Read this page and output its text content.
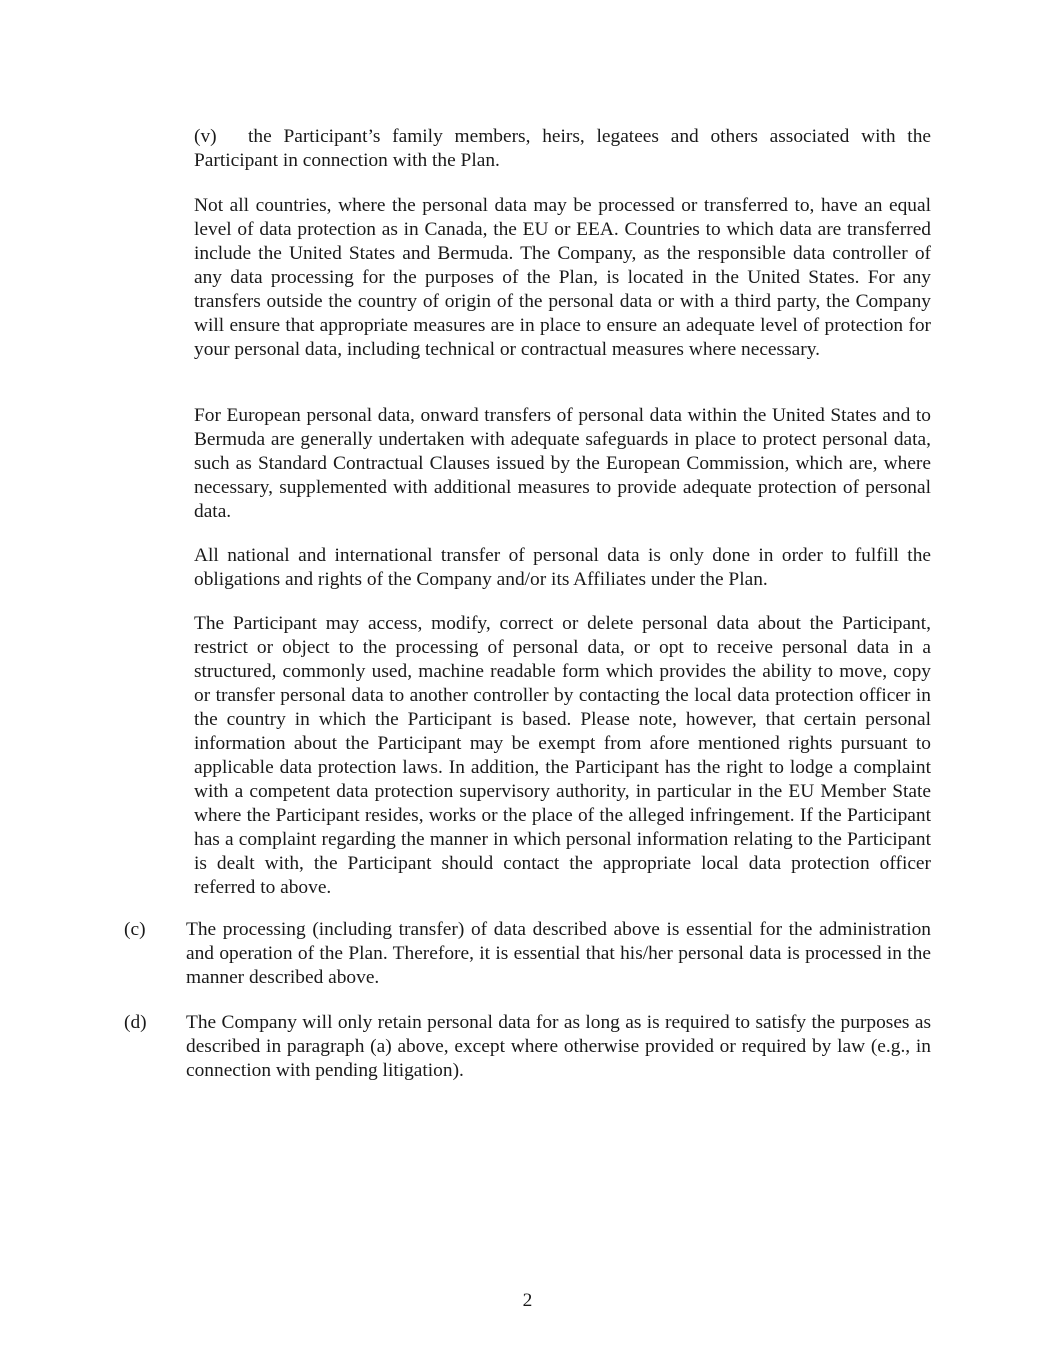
(v) the Participant’s family members, heirs, legatees and others associated with the Participant in connection with the Plan.

Not all countries, where the personal data may be processed or transferred to, have an equal level of data protection as in Canada, the EU or EEA. Countries to which data are transferred include the United States and Bermuda. The Company, as the responsible data controller of any data processing for the purposes of the Plan, is located in the United States. For any transfers outside the country of origin of the personal data or with a third party, the Company will ensure that appropriate measures are in place to ensure an adequate level of protection for your personal data, including technical or contractual measures where necessary.

For European personal data, onward transfers of personal data within the United States and to Bermuda are generally undertaken with adequate safeguards in place to protect personal data, such as Standard Contractual Clauses issued by the European Commission, which are, where necessary, supplemented with additional measures to provide adequate protection of personal data.

All national and international transfer of personal data is only done in order to fulfill the obligations and rights of the Company and/or its Affiliates under the Plan.

The Participant may access, modify, correct or delete personal data about the Participant, restrict or object to the processing of personal data, or opt to receive personal data in a structured, commonly used, machine readable form which provides the ability to move, copy or transfer personal data to another controller by contacting the local data protection officer in the country in which the Participant is based. Please note, however, that certain personal information about the Participant may be exempt from afore mentioned rights pursuant to applicable data protection laws. In addition, the Participant has the right to lodge a complaint with a competent data protection supervisory authority, in particular in the EU Member State where the Participant resides, works or the place of the alleged infringement. If the Participant has a complaint regarding the manner in which personal information relating to the Participant is dealt with, the Participant should contact the appropriate local data protection officer referred to above.

(c)	The processing (including transfer) of data described above is essential for the administration and operation of the Plan. Therefore, it is essential that his/her personal data is processed in the manner described above.
(d)	The Company will only retain personal data for as long as is required to satisfy the purposes as described in paragraph (a) above, except where otherwise provided or required by law (e.g., in connection with pending litigation).
2
